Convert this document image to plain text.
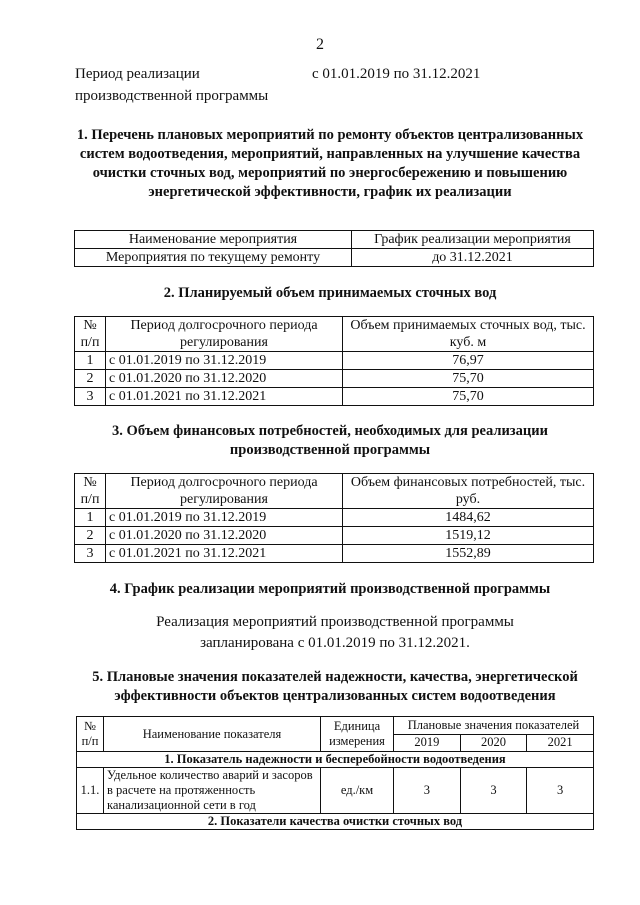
2
Период реализации производственной программы
с 01.01.2019 по 31.12.2021
1. Перечень плановых мероприятий по ремонту объектов централизованных систем водоотведения, мероприятий, направленных на улучшение качества очистки сточных вод, мероприятий по энергосбережению и повышению энергетической эффективности, график их реализации
Наименование мероприятия	График реализации мероприятия
Мероприятия по текущему ремонту	до 31.12.2021
2. Планируемый объем принимаемых сточных вод
№ п/п	Период долгосрочного периода регулирования	Объем принимаемых сточных вод, тыс. куб. м
1	с 01.01.2019 по 31.12.2019	76,97
2	с 01.01.2020 по 31.12.2020	75,70
3	с 01.01.2021 по 31.12.2021	75,70
3. Объем финансовых потребностей, необходимых для реализации производственной программы
№ п/п	Период долгосрочного периода регулирования	Объем финансовых потребностей, тыс. руб.
1	с 01.01.2019 по 31.12.2019	1484,62
2	с 01.01.2020 по 31.12.2020	1519,12
3	с 01.01.2021 по 31.12.2021	1552,89
4. График реализации мероприятий производственной программы
Реализация мероприятий производственной программы запланирована с 01.01.2019 по 31.12.2021.
5. Плановые значения показателей надежности, качества, энергетической эффективности объектов централизованных систем водоотведения
№ п/п	Наименование показателя	Единица измерения	Плановые значения показателей		
			2019	2020	2021
1. Показатель надежности и бесперебойности водоотведения					
1.1.	Удельное количество аварий и засоров в расчете на протяженность канализационной сети в год	ед./км	3	3	3
2. Показатели качества очистки сточных вод					
